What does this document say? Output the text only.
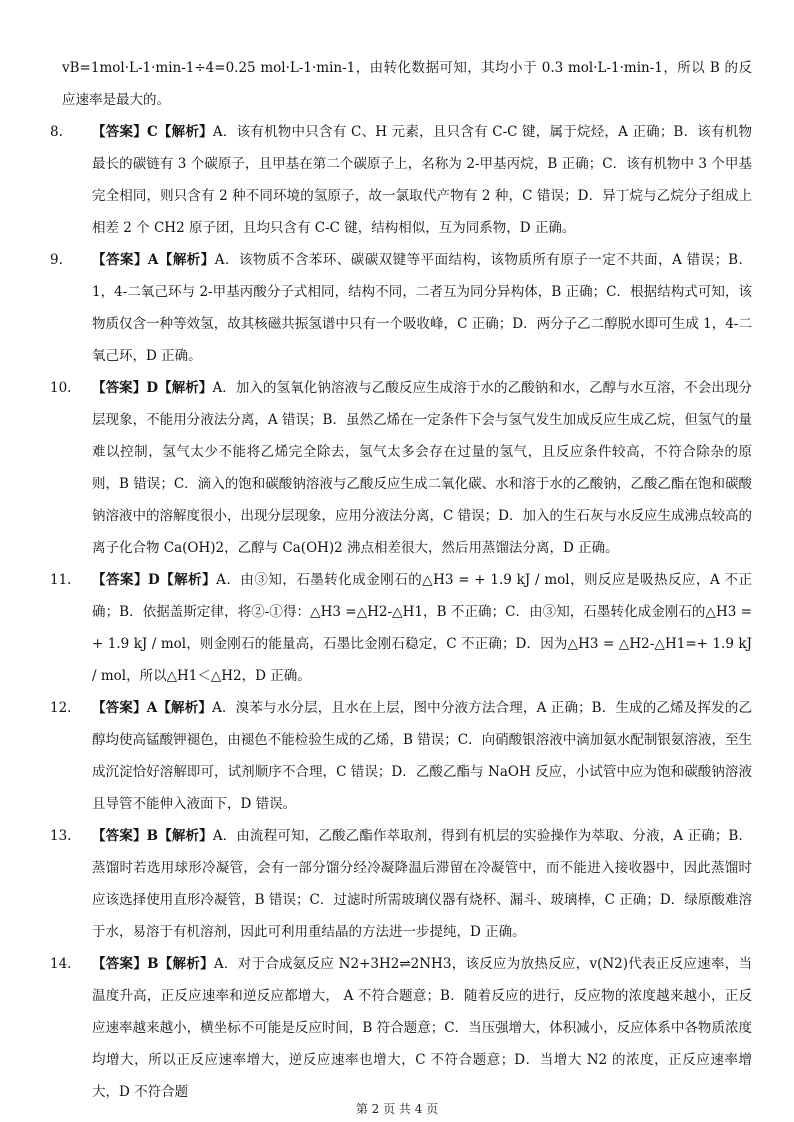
vB=1mol·L-1·min-1÷4=0.25 mol·L-1·min-1，由转化数据可知，其均小于 0.3 mol·L-1·min-1，所以 B 的反应速率是最大的。

8. 【答案】C【解析】A．该有机物中只含有 C、H 元素，且只含有 C-C 键，属于烷烃，A 正确；B．该有机物最长的碳链有 3 个碳原子，且甲基在第二个碳原子上，名称为 2-甲基丙烷，B 正确；C．该有机物中 3 个甲基完全相同，则只含有 2 种不同环境的氢原子，故一氯取代产物有 2 种，C 错误；D．异丁烷与乙烷分子组成上相差 2 个 CH2 原子团，且均只含有 C-C 键，结构相似，互为同系物，D 正确。

9. 【答案】A【解析】A．该物质不含苯环、碳碳双键等平面结构，该物质所有原子一定不共面，A 错误；B．1，4-二氧己环与 2-甲基丙酸分子式相同，结构不同，二者互为同分异构体，B 正确；C．根据结构式可知，该物质仅含一种等效氢，故其核磁共振氢谱中只有一个吸收峰，C 正确；D．两分子乙二醇脱水即可生成 1，4-二氧己环，D 正确。

10. 【答案】D【解析】A．加入的氢氧化钠溶液与乙酸反应生成溶于水的乙酸钠和水，乙醇与水互溶，不会出现分层现象，不能用分液法分离，A 错误；B．虽然乙烯在一定条件下会与氢气发生加成反应生成乙烷，但氢气的量难以控制，氢气太少不能将乙烯完全除去，氢气太多会存在过量的氢气，且反应条件较高，不符合除杂的原则，B 错误；C．滴入的饱和碳酸钠溶液与乙酸反应生成二氧化碳、水和溶于水的乙酸钠，乙酸乙酯在饱和碳酸钠溶液中的溶解度很小，出现分层现象，应用分液法分离，C 错误；D．加入的生石灰与水反应生成沸点较高的离子化合物 Ca(OH)2，乙醇与 Ca(OH)2 沸点相差很大，然后用蒸馏法分离，D 正确。

11. 【答案】D【解析】A．由③知，石墨转化成金刚石的△H3 = + 1.9 kJ / mol，则反应是吸热反应，A 不正确；B．依据盖斯定律，将②-①得：△H3 =△H2-△H1，B 不正确；C．由③知，石墨转化成金刚石的△H3 = + 1.9 kJ / mol，则金刚石的能量高，石墨比金刚石稳定，C 不正确；D．因为△H3 = △H2-△H1=+ 1.9 kJ / mol，所以△H1＜△H2，D 正确。

12. 【答案】A【解析】A．溴苯与水分层，且水在上层，图中分液方法合理，A 正确；B．生成的乙烯及挥发的乙醇均使高锰酸钾褪色，由褪色不能检验生成的乙烯，B 错误；C．向硝酸银溶液中滴加氨水配制银氨溶液，至生成沉淀恰好溶解即可，试剂顺序不合理，C 错误；D．乙酸乙酯与 NaOH 反应，小试管中应为饱和碳酸钠溶液且导管不能伸入液面下，D 错误。

13. 【答案】B【解析】A．由流程可知，乙酸乙酯作萃取剂，得到有机层的实验操作为萃取、分液，A 正确；B．蒸馏时若选用球形冷凝管，会有一部分馏分经冷凝降温后滞留在冷凝管中，而不能进入接收器中，因此蒸馏时应该选择使用直形冷凝管，B 错误；C．过滤时所需玻璃仪器有烧杯、漏斗、玻璃棒，C 正确；D．绿原酸难溶于水，易溶于有机溶剂，因此可利用重结晶的方法进一步提纯，D 正确。

14. 【答案】B【解析】A．对于合成氨反应 N2+3H2⇌2NH3，该反应为放热反应，v(N2)代表正反应速率，当温度升高，正反应速率和逆反应都增大， A 不符合题意；B．随着反应的进行，反应物的浓度越来越小，正反应速率越来越小，横坐标不可能是反应时间，B 符合题意；C．当压强增大，体积减小，反应体系中各物质浓度均增大，所以正反应速率增大，逆反应速率也增大，C 不符合题意；D．当增大 N2 的浓度，正反应速率增大，D 不符合题

第 2 页 共 4 页
